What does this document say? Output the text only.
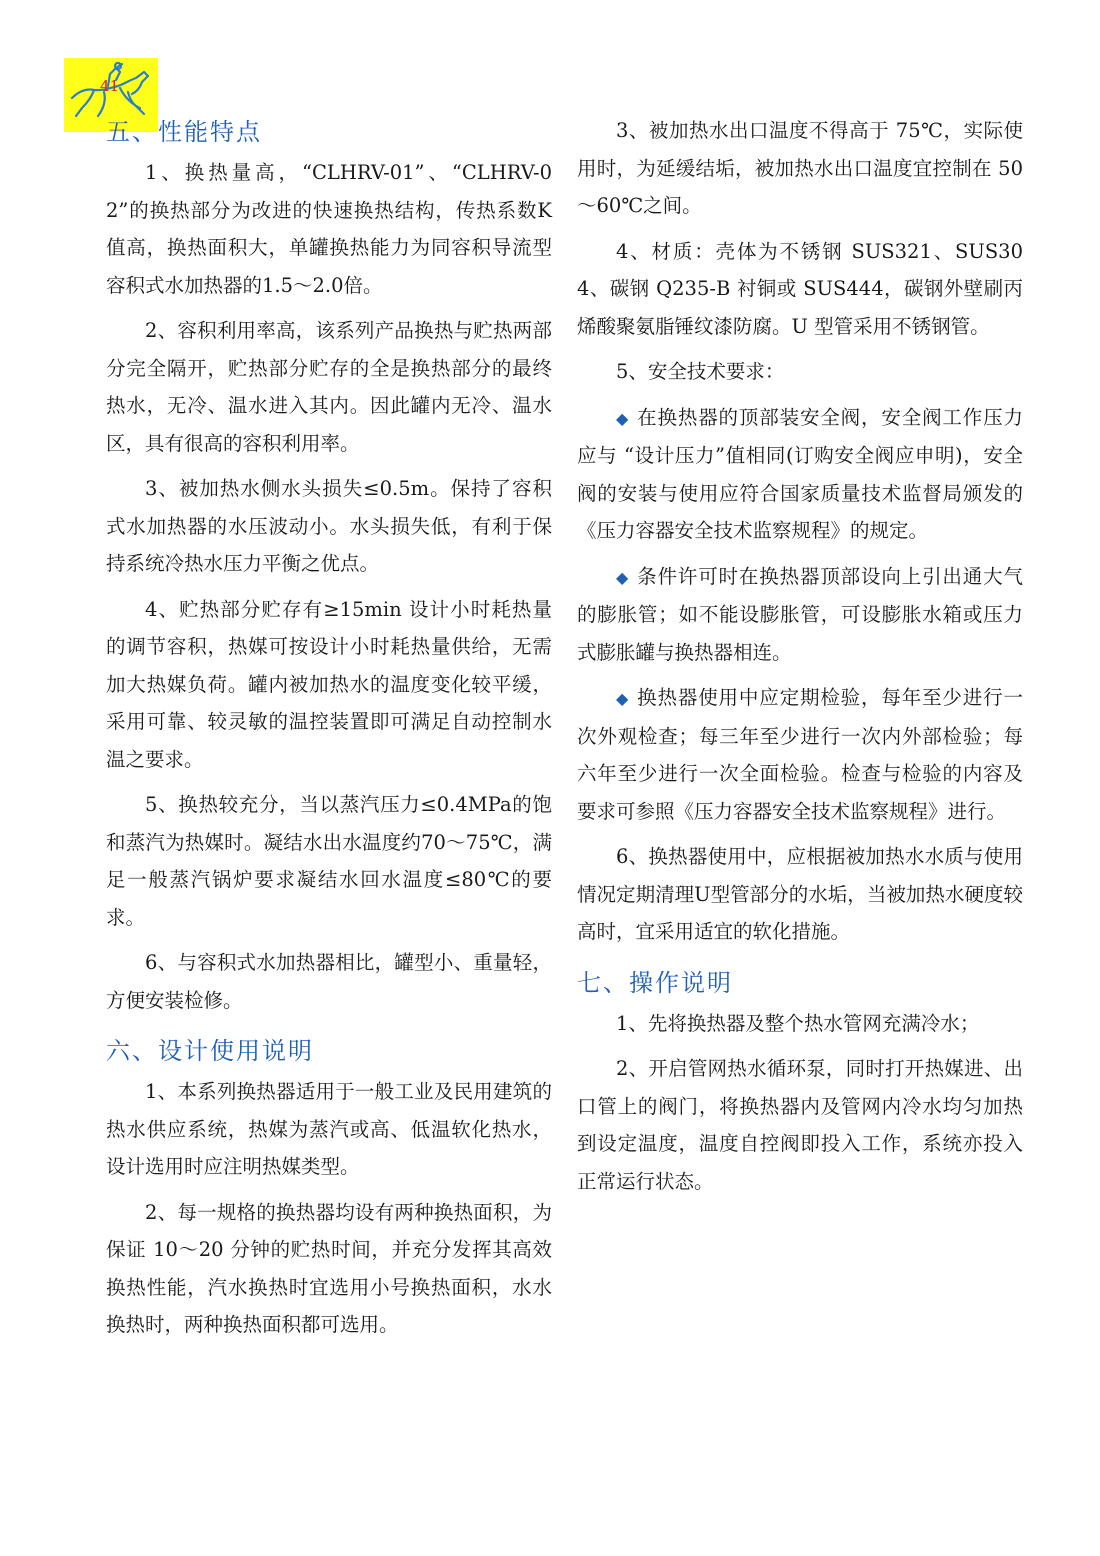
41
五、性能特点

1、换热量高，“CLHRV-01”、“CLHRV-02”的换热部分为改进的快速换热结构，传热系数K值高，换热面积大，单罐换热能力为同容积导流型容积式水加热器的1.5～2.0倍。

2、容积利用率高，该系列产品换热与贮热两部分完全隔开，贮热部分贮存的全是换热部分的最终热水，无冷、温水进入其内。因此罐内无冷、温水区，具有很高的容积利用率。

3、被加热水侧水头损失≤0.5m。保持了容积式水加热器的水压波动小。水头损失低，有利于保持系统冷热水压力平衡之优点。

4、贮热部分贮存有≥15min 设计小时耗热量的调节容积，热媒可按设计小时耗热量供给，无需加大热媒负荷。罐内被加热水的温度变化较平缓，采用可靠、较灵敏的温控装置即可满足自动控制水温之要求。

5、换热较充分，当以蒸汽压力≤0.4MPa的饱和蒸汽为热媒时。凝结水出水温度约70～75℃，满足一般蒸汽锅炉要求凝结水回水温度≤80℃的要求。

6、与容积式水加热器相比，罐型小、重量轻，方便安装检修。

六、设计使用说明

1、本系列换热器适用于一般工业及民用建筑的热水供应系统，热媒为蒸汽或高、低温软化热水，设计选用时应注明热媒类型。

2、每一规格的换热器均设有两种换热面积，为保证 10～20 分钟的贮热时间，并充分发挥其高效换热性能，汽水换热时宜选用小号换热面积，水水换热时，两种换热面积都可选用。

3、被加热水出口温度不得高于 75℃，实际使用时，为延缓结垢，被加热水出口温度宜控制在 50～60℃之间。

4、材质：壳体为不锈钢 SUS321、SUS304、碳钢 Q235-B 衬铜或 SUS444，碳钢外壁刷丙烯酸聚氨脂锤纹漆防腐。U 型管采用不锈钢管。

5、安全技术要求：

◆ 在换热器的顶部装安全阀，安全阀工作压力应与 “设计压力”值相同(订购安全阀应申明)，安全阀的安装与使用应符合国家质量技术监督局颁发的《压力容器安全技术监察规程》的规定。

◆ 条件许可时在换热器顶部设向上引出通大气的膨胀管；如不能设膨胀管，可设膨胀水箱或压力式膨胀罐与换热器相连。

◆ 换热器使用中应定期检验，每年至少进行一次外观检查；每三年至少进行一次内外部检验；每六年至少进行一次全面检验。检查与检验的内容及要求可参照《压力容器安全技术监察规程》进行。

6、换热器使用中，应根据被加热水水质与使用情况定期清理U型管部分的水垢，当被加热水硬度较高时，宜采用适宜的软化措施。

七、操作说明

1、先将换热器及整个热水管网充满冷水；

2、开启管网热水循环泵，同时打开热媒进、出口管上的阀门，将换热器内及管网内冷水均匀加热到设定温度，温度自控阀即投入工作，系统亦投入正常运行状态。
